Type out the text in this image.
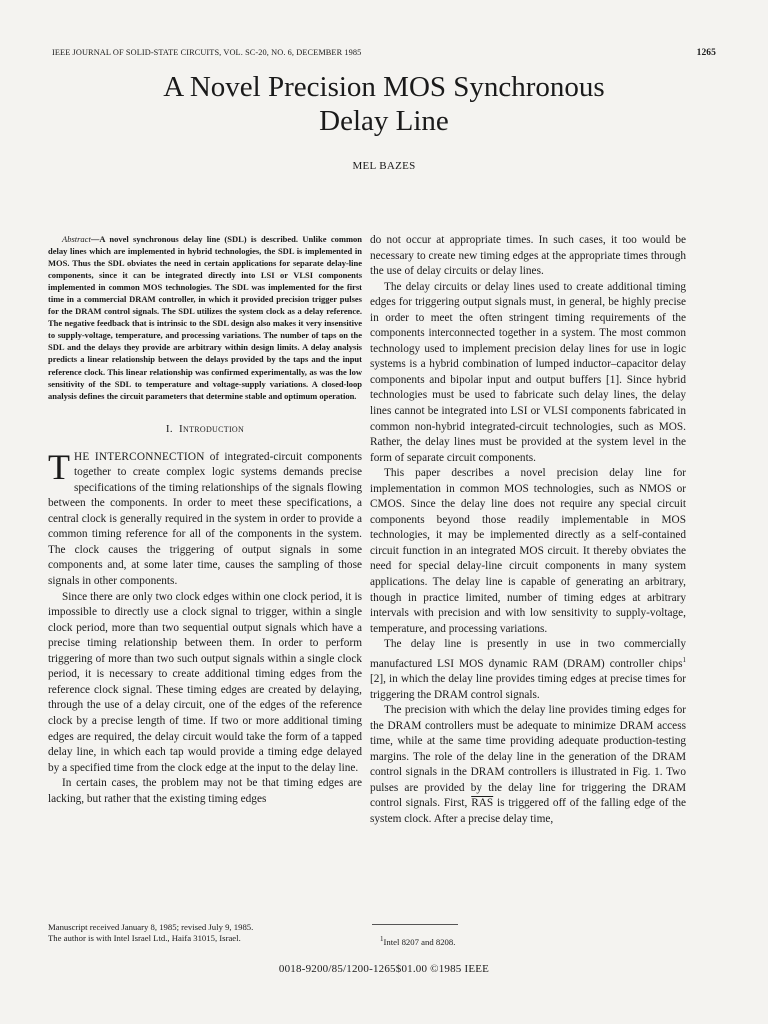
IEEE JOURNAL OF SOLID-STATE CIRCUITS, VOL. SC-20, NO. 6, DECEMBER 1985	1265
A Novel Precision MOS Synchronous
Delay Line
MEL BAZES

Abstract—A novel synchronous delay line (SDL) is described. Unlike common delay lines which are implemented in hybrid technologies, the SDL is implemented in MOS. Thus the SDL obviates the need in certain applications for separate delay-line components, since it can be integrated directly into LSI or VLSI components implemented in common MOS technologies. The SDL was implemented for the first time in a commercial DRAM controller, in which it provided precision trigger pulses for the DRAM control signals. The SDL utilizes the system clock as a delay reference. The negative feedback that is intrinsic to the SDL design also makes it very insensitive to supply-voltage, temperature, and processing variations. The number of taps on the SDL and the delays they provide are arbitrary within design limits. A delay analysis predicts a linear relationship between the delays provided by the taps and the input reference clock. This linear relationship was confirmed experimentally, as was the low sensitivity of the SDL to temperature and voltage-supply variations. A closed-loop analysis defines the circuit parameters that determine stable and optimum operation.

I. Introduction

THE INTERCONNECTION of integrated-circuit components together to create complex logic systems demands precise specifications of the timing relationships of the signals flowing between the components. In order to meet these specifications, a central clock is generally required in the system in order to provide a common timing reference for all of the components in the system. The clock causes the triggering of output signals in some components and, at some later time, causes the sampling of those signals in other components.

Since there are only two clock edges within one clock period, it is impossible to directly use a clock signal to trigger, within a single clock period, more than two sequential output signals which have a precise timing relationship between them. In order to perform triggering of more than two such output signals within a single clock period, it is necessary to create additional timing edges from the reference clock signal. These timing edges are created by delaying, through the use of a delay circuit, one of the edges of the reference clock by a precise length of time. If two or more additional timing edges are required, the delay circuit would take the form of a tapped delay line, in which each tap would provide a timing edge delayed by a specified time from the clock edge at the input to the delay line.

In certain cases, the problem may not be that timing edges are lacking, but rather that the existing timing edges

do not occur at appropriate times. In such cases, it too would be necessary to create new timing edges at the appropriate times through the use of delay circuits or delay lines.

The delay circuits or delay lines used to create additional timing edges for triggering output signals must, in general, be highly precise in order to meet the often stringent timing requirements of the components interconnected together in a system. The most common technology used to implement precision delay lines for use in logic systems is a hybrid combination of lumped inductor–capacitor delay components and bipolar input and output buffers [1]. Since hybrid technologies must be used to fabricate such delay lines, the delay lines cannot be integrated into LSI or VLSI components fabricated in common non-hybrid integrated-circuit technologies, such as MOS. Rather, the delay lines must be provided at the system level in the form of separate circuit components.

This paper describes a novel precision delay line for implementation in common MOS technologies, such as NMOS or CMOS. Since the delay line does not require any special circuit components beyond those readily implementable in MOS technologies, it may be implemented directly as a self-contained circuit function in an integrated MOS circuit. It thereby obviates the need for special delay-line circuit components in many system applications. The delay line is capable of generating an arbitrary, though in practice limited, number of timing edges at arbitrary intervals with precision and with low sensitivity to supply-voltage, temperature, and processing variations.

The delay line is presently in use in two commercially manufactured LSI MOS dynamic RAM (DRAM) controller chips$^1$ [2], in which the delay line provides timing edges at precise times for triggering the DRAM control signals.

The precision with which the delay line provides timing edges for the DRAM controllers must be adequate to minimize DRAM access time, while at the same time providing adequate production-testing margins. The role of the delay line in the generation of the DRAM control signals in the DRAM controllers is illustrated in Fig. 1. Two pulses are provided by the delay line for triggering the DRAM control signals. First, $\overline{RAS}$ is triggered off of the falling edge of the system clock. After a precise delay time,

Manuscript received January 8, 1985; revised July 9, 1985.
The author is with Intel Israel Ltd., Haifa 31015, Israel.	$^1$Intel 8207 and 8208.
0018-9200/85/1200-1265$01.00 ©1985 IEEE
